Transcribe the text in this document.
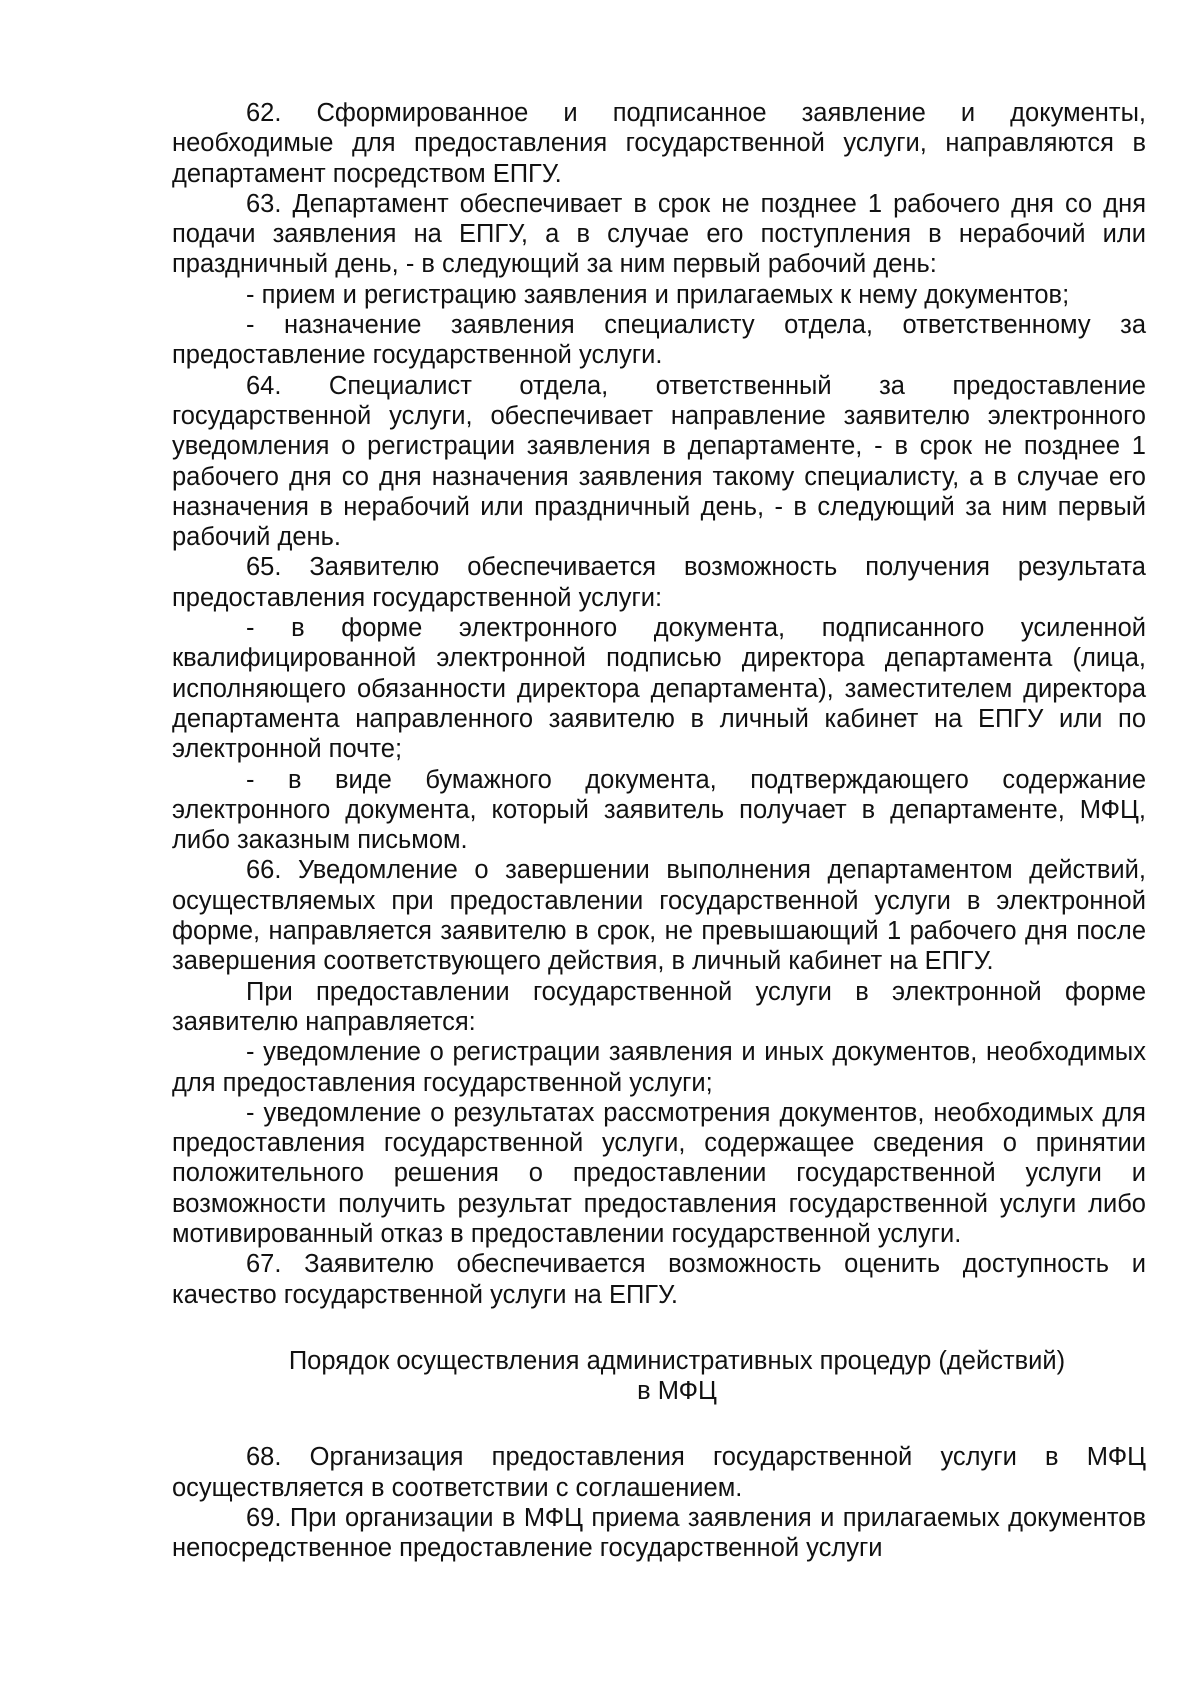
62. Сформированное и подписанное заявление и документы, необходимые для предоставления государственной услуги, направляются в департамент посредством ЕПГУ.

63. Департамент обеспечивает в срок не позднее 1 рабочего дня со дня подачи заявления на ЕПГУ, а в случае его поступления в нерабочий или праздничный день, - в следующий за ним первый рабочий день:

- прием и регистрацию заявления и прилагаемых к нему документов;

- назначение заявления специалисту отдела, ответственному за предоставление государственной услуги.

64. Специалист отдела, ответственный за предоставление государственной услуги, обеспечивает направление заявителю электронного уведомления о регистрации заявления в департаменте, - в срок не позднее 1 рабочего дня со дня назначения заявления такому специалисту, а в случае его назначения в нерабочий или праздничный день, - в следующий за ним первый рабочий день.

65. Заявителю обеспечивается возможность получения результата предоставления государственной услуги:

- в форме электронного документа, подписанного усиленной квалифицированной электронной подписью директора департамента (лица, исполняющего обязанности директора департамента), заместителем директора департамента направленного заявителю в личный кабинет на ЕПГУ или по электронной почте;

- в виде бумажного документа, подтверждающего содержание электронного документа, который заявитель получает в департаменте, МФЦ, либо заказным письмом.

66. Уведомление о завершении выполнения департаментом действий, осуществляемых при предоставлении государственной услуги в электронной форме, направляется заявителю в срок, не превышающий 1 рабочего дня после завершения соответствующего действия, в личный кабинет на ЕПГУ.

При предоставлении государственной услуги в электронной форме заявителю направляется:

- уведомление о регистрации заявления и иных документов, необходимых для предоставления государственной услуги;

- уведомление о результатах рассмотрения документов, необходимых для предоставления государственной услуги, содержащее сведения о принятии положительного решения о предоставлении государственной услуги и возможности получить результат предоставления государственной услуги либо мотивированный отказ в предоставлении государственной услуги.

67. Заявителю обеспечивается возможность оценить доступность и качество государственной услуги на ЕПГУ.

Порядок осуществления административных процедур (действий)
в МФЦ

68. Организация предоставления государственной услуги в МФЦ осуществляется в соответствии с соглашением.

69. При организации в МФЦ приема заявления и прилагаемых документов непосредственное предоставление государственной услуги
